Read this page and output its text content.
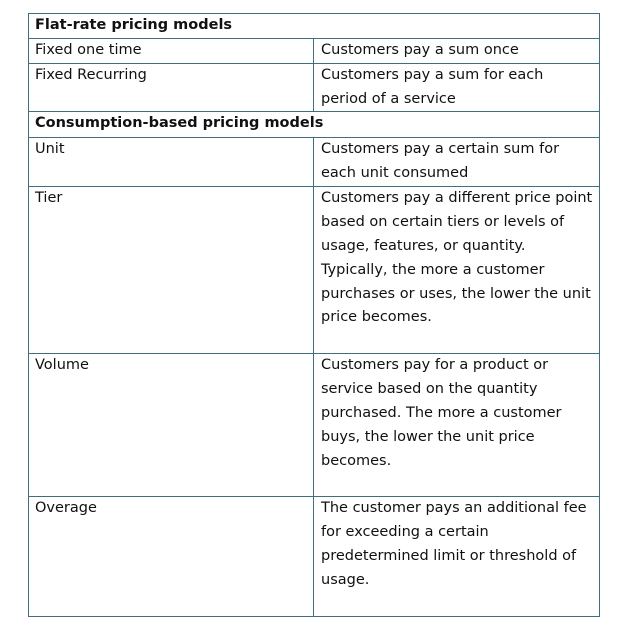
Flat-rate pricing models	
Fixed one time	Customers pay a sum once
Fixed Recurring	Customers pay a sum for each period of a service
Consumption-based pricing models	
Unit	Customers pay a certain sum for each unit consumed
Tier	Customers pay a different price point based on certain tiers or levels of usage, features, or quantity. Typically, the more a customer purchases or uses, the lower the unit price becomes.
Volume	Customers pay for a product or service based on the quantity purchased. The more a customer buys, the lower the unit price becomes.
Overage	The customer pays an additional fee for exceeding a certain predetermined limit or threshold of usage.
